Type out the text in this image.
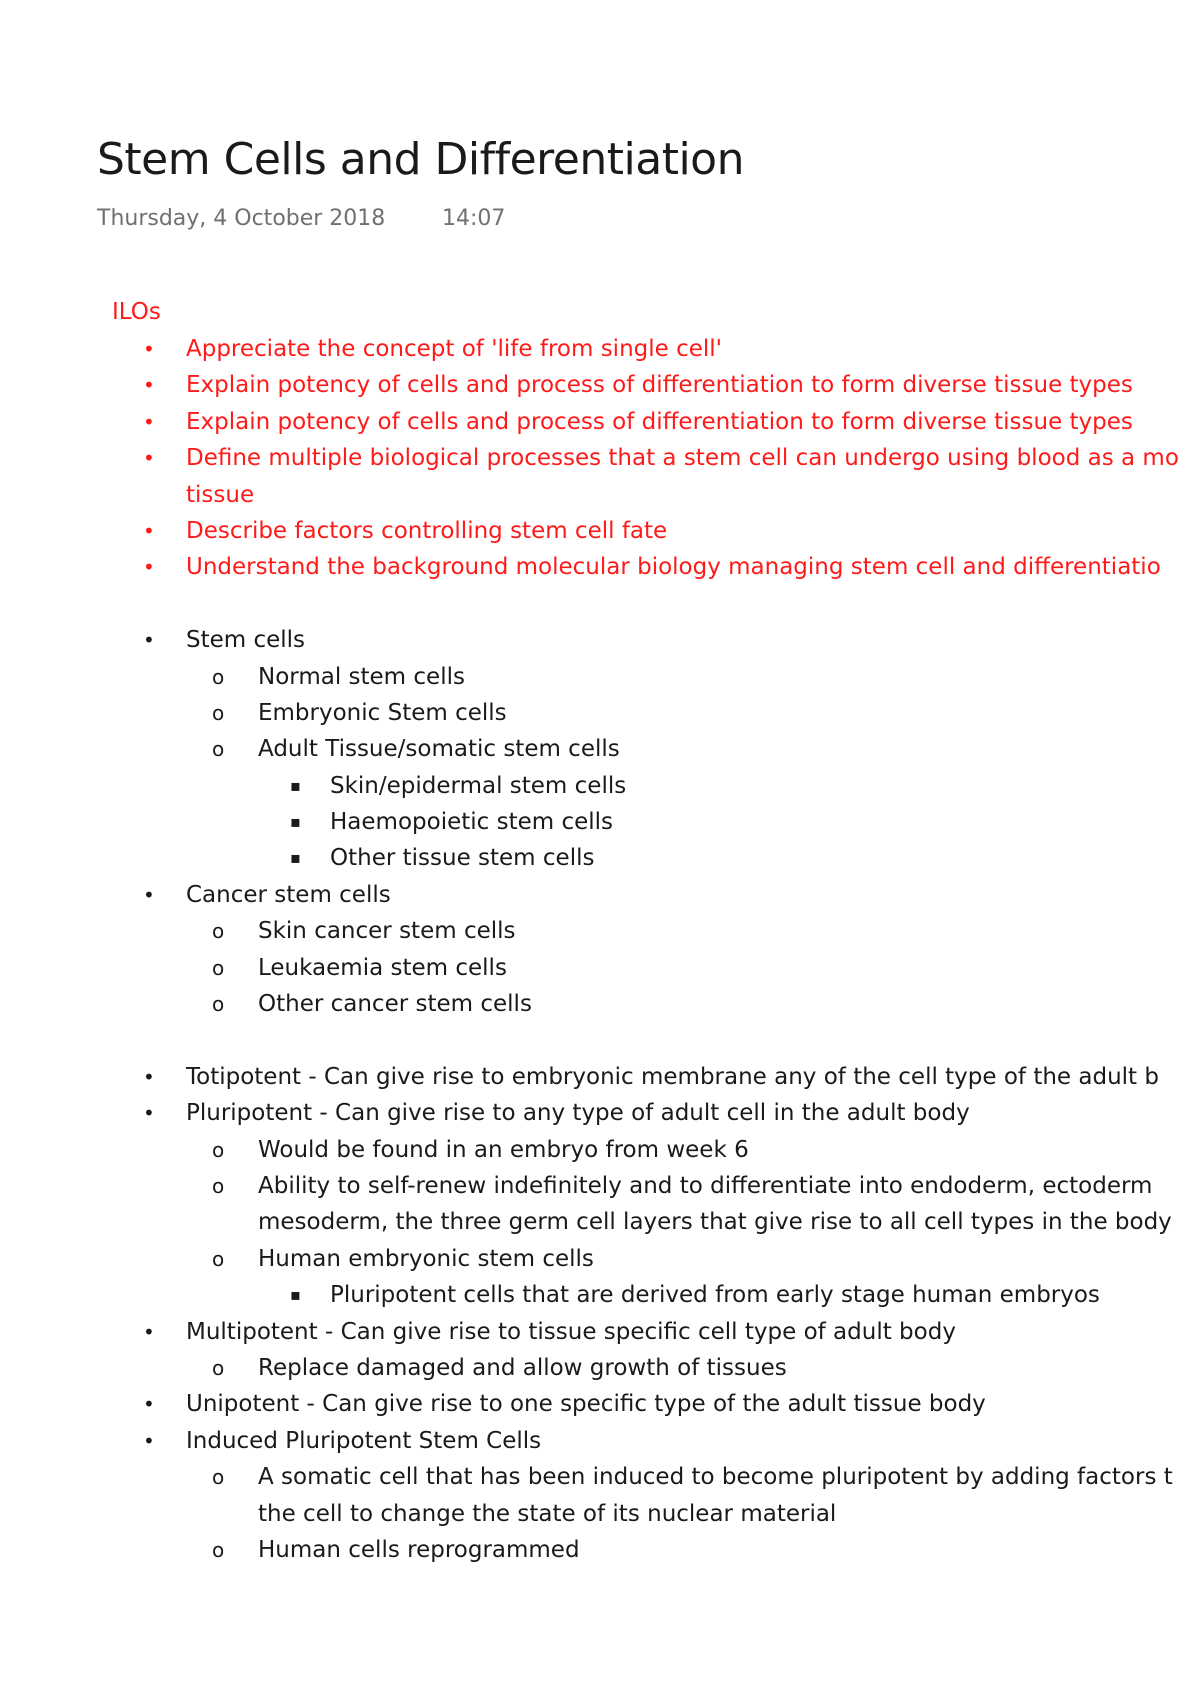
Stem Cells and Differentiation
Thursday, 4 October 2018	14:07
ILOs
• Appreciate the concept of 'life from single cell'
• Explain potency of cells and process of differentiation to form diverse tissue types
• Explain potency of cells and process of differentiation to form diverse tissue types
• Define multiple biological processes that a stem cell can undergo using blood as a mo
tissue
• Describe factors controlling stem cell fate
• Understand the background molecular biology managing stem cell and differentiatio
• Stem cells
o Normal stem cells
o Embryonic Stem cells
o Adult Tissue/somatic stem cells
▪ Skin/epidermal stem cells
▪ Haemopoietic stem cells
▪ Other tissue stem cells
• Cancer stem cells
o Skin cancer stem cells
o Leukaemia stem cells
o Other cancer stem cells
• Totipotent - Can give rise to embryonic membrane any of the cell type of the adult b
• Pluripotent - Can give rise to any type of adult cell in the adult body
o Would be found in an embryo from week 6
o Ability to self-renew indefinitely and to differentiate into endoderm, ectoderm
mesoderm, the three germ cell layers that give rise to all cell types in the body
o Human embryonic stem cells
▪ Pluripotent cells that are derived from early stage human embryos
• Multipotent - Can give rise to tissue specific cell type of adult body
o Replace damaged and allow growth of tissues
• Unipotent - Can give rise to one specific type of the adult tissue body
• Induced Pluripotent Stem Cells
o A somatic cell that has been induced to become pluripotent by adding factors t
the cell to change the state of its nuclear material
o Human cells reprogrammed
